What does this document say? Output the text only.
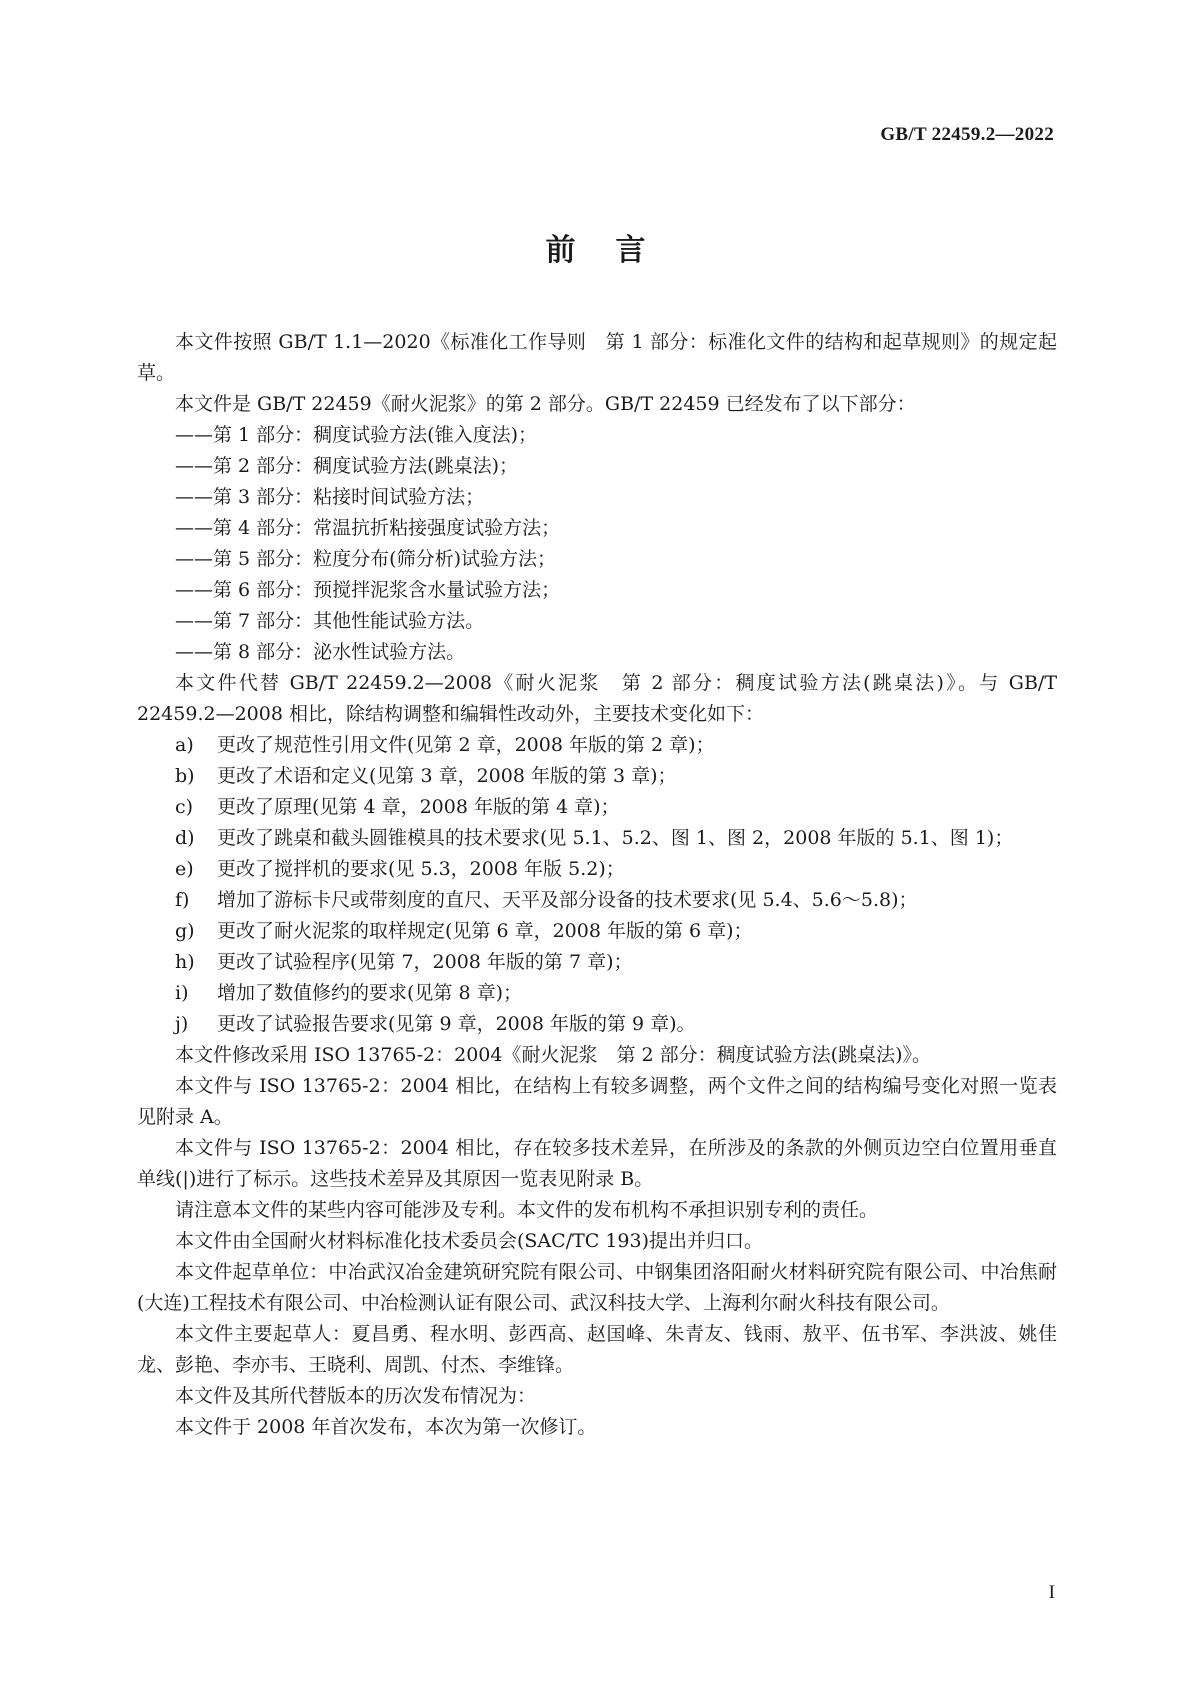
GB/T 22459.2—2022
前言

本文件按照 GB/T 1.1—2020《标准化工作导则　第 1 部分：标准化文件的结构和起草规则》的规定起草。

本文件是 GB/T 22459《耐火泥浆》的第 2 部分。GB/T 22459 已经发布了以下部分：

——第 1 部分：稠度试验方法(锥入度法)；

——第 2 部分：稠度试验方法(跳桌法)；

——第 3 部分：粘接时间试验方法；

——第 4 部分：常温抗折粘接强度试验方法；

——第 5 部分：粒度分布(筛分析)试验方法；

——第 6 部分：预搅拌泥浆含水量试验方法；

——第 7 部分：其他性能试验方法。

——第 8 部分：泌水性试验方法。

本文件代替 GB/T 22459.2—2008《耐火泥浆　第 2 部分：稠度试验方法(跳桌法)》。与 GB/T 22459.2—2008 相比，除结构调整和编辑性改动外，主要技术变化如下：

a) 更改了规范性引用文件(见第 2 章，2008 年版的第 2 章)；

b) 更改了术语和定义(见第 3 章，2008 年版的第 3 章)；

c) 更改了原理(见第 4 章，2008 年版的第 4 章)；

d) 更改了跳桌和截头圆锥模具的技术要求(见 5.1、5.2、图 1、图 2，2008 年版的 5.1、图 1)；

e) 更改了搅拌机的要求(见 5.3，2008 年版 5.2)；

f) 增加了游标卡尺或带刻度的直尺、天平及部分设备的技术要求(见 5.4、5.6～5.8)；

g) 更改了耐火泥浆的取样规定(见第 6 章，2008 年版的第 6 章)；

h) 更改了试验程序(见第 7，2008 年版的第 7 章)；

i) 增加了数值修约的要求(见第 8 章)；

j) 更改了试验报告要求(见第 9 章，2008 年版的第 9 章)。

本文件修改采用 ISO 13765-2：2004《耐火泥浆　第 2 部分：稠度试验方法(跳桌法)》。

本文件与 ISO 13765-2：2004 相比，在结构上有较多调整，两个文件之间的结构编号变化对照一览表见附录 A。

本文件与 ISO 13765-2：2004 相比，存在较多技术差异，在所涉及的条款的外侧页边空白位置用垂直单线(|)进行了标示。这些技术差异及其原因一览表见附录 B。

请注意本文件的某些内容可能涉及专利。本文件的发布机构不承担识别专利的责任。

本文件由全国耐火材料标准化技术委员会(SAC/TC 193)提出并归口。

本文件起草单位：中冶武汉冶金建筑研究院有限公司、中钢集团洛阳耐火材料研究院有限公司、中冶焦耐(大连)工程技术有限公司、中冶检测认证有限公司、武汉科技大学、上海利尔耐火科技有限公司。

本文件主要起草人：夏昌勇、程水明、彭西高、赵国峰、朱青友、钱雨、敖平、伍书军、李洪波、姚佳龙、彭艳、李亦韦、王晓利、周凯、付杰、李维锋。

本文件及其所代替版本的历次发布情况为：

本文件于 2008 年首次发布，本次为第一次修订。

I
